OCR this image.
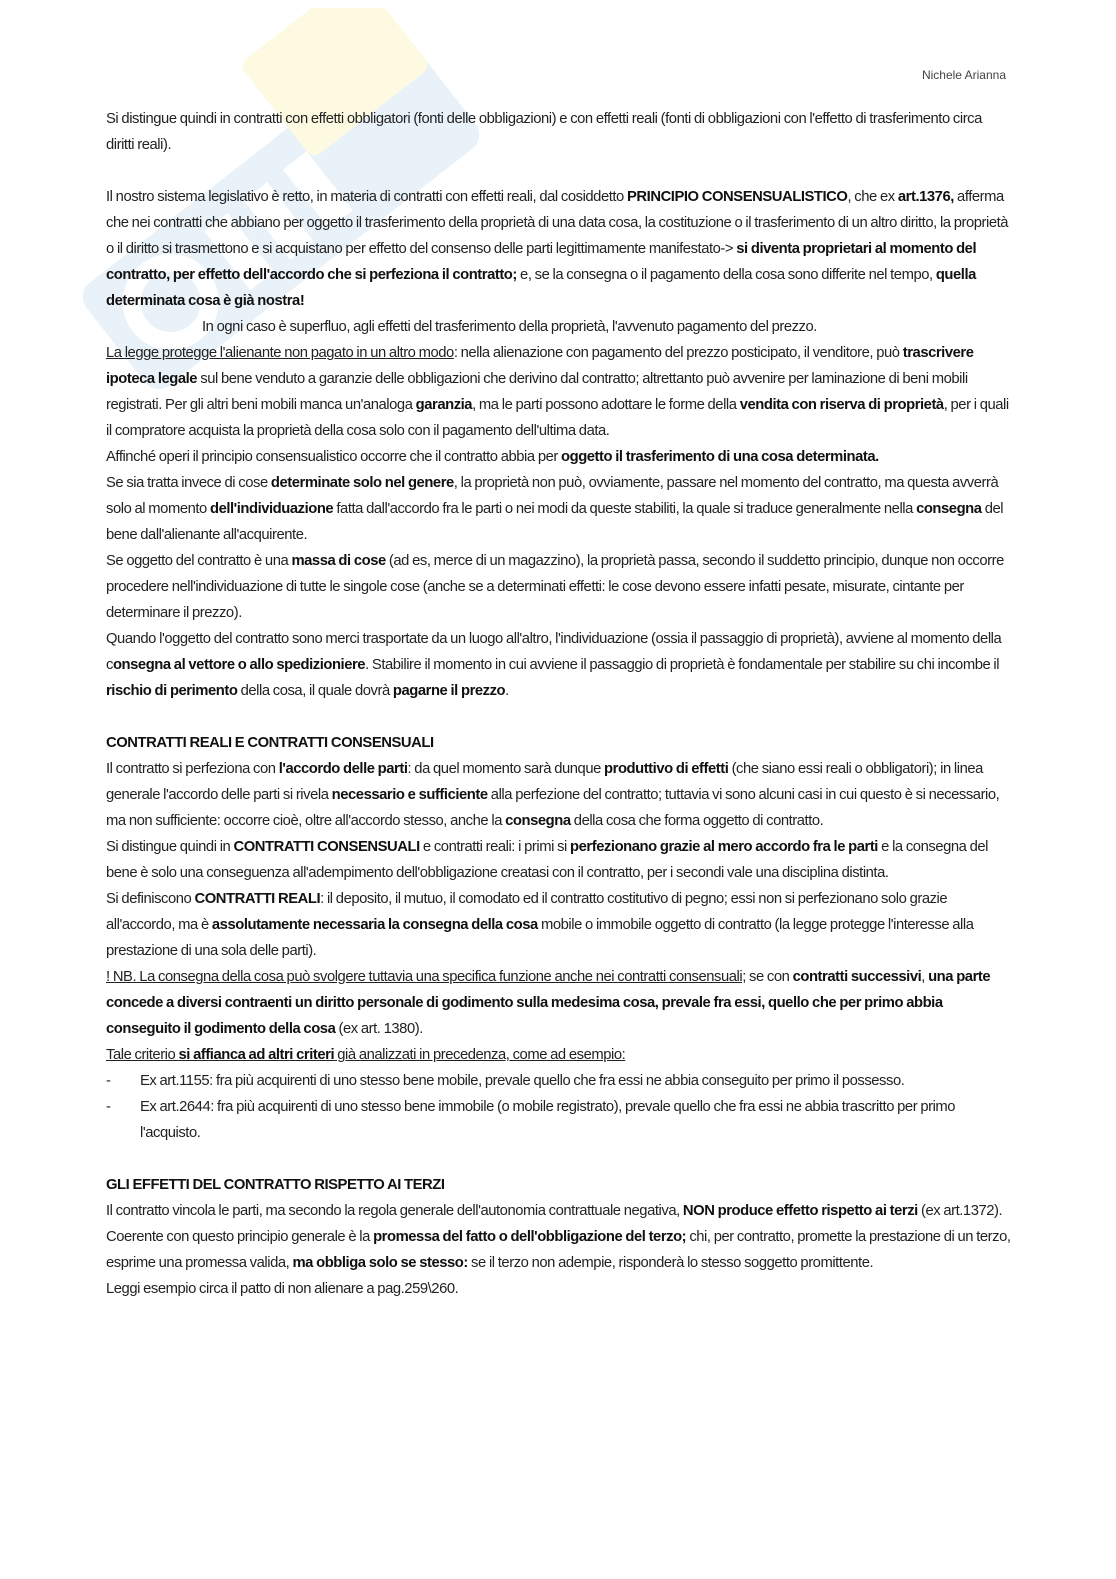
Nichele Arianna

Si distingue quindi in contratti con effetti obbligatori (fonti delle obbligazioni) e con effetti reali (fonti di obbligazioni con l'effetto di trasferimento circa diritti reali).

Il nostro sistema legislativo è retto, in materia di contratti con effetti reali, dal cosiddetto PRINCIPIO CONSENSUALISTICO, che ex art.1376, afferma che nei contratti che abbiano per oggetto il trasferimento della proprietà di una data cosa, la costituzione o il trasferimento di un altro diritto, la proprietà o il diritto si trasmettono e si acquistano per effetto del consenso delle parti legittimamente manifestato-> si diventa proprietari al momento del contratto, per effetto dell'accordo che si perfeziona il contratto; e, se la consegna o il pagamento della cosa sono differite nel tempo, quella determinata cosa è già nostra!

In ogni caso è superfluo, agli effetti del trasferimento della proprietà, l'avvenuto pagamento del prezzo.

La legge protegge l'alienante non pagato in un altro modo: nella alienazione con pagamento del prezzo posticipato, il venditore, può trascrivere ipoteca legale sul bene venduto a garanzie delle obbligazioni che derivino dal contratto; altrettanto può avvenire per laminazione di beni mobili registrati. Per gli altri beni mobili manca un'analoga garanzia, ma le parti possono adottare le forme della vendita con riserva di proprietà, per i quali il compratore acquista la proprietà della cosa solo con il pagamento dell'ultima data.

Affinché operi il principio consensualistico occorre che il contratto abbia per oggetto il trasferimento di una cosa determinata.

Se sia tratta invece di cose determinate solo nel genere, la proprietà non può, ovviamente, passare nel momento del contratto, ma questa avverrà solo al momento dell'individuazione fatta dall'accordo fra le parti o nei modi da queste stabiliti, la quale si traduce generalmente nella consegna del bene dall'alienante all'acquirente.

Se oggetto del contratto è una massa di cose (ad es, merce di un magazzino), la proprietà passa, secondo il suddetto principio, dunque non occorre procedere nell'individuazione di tutte le singole cose (anche se a determinati effetti: le cose devono essere infatti pesate, misurate, cintante per determinare il prezzo).

Quando l'oggetto del contratto sono merci trasportate da un luogo all'altro, l'individuazione (ossia il passaggio di proprietà), avviene al momento della consegna al vettore o allo spedizioniere. Stabilire il momento in cui avviene il passaggio di proprietà è fondamentale per stabilire su chi incombe il rischio di perimento della cosa, il quale dovrà pagarne il prezzo.

CONTRATTI REALI E CONTRATTI CONSENSUALI

Il contratto si perfeziona con l'accordo delle parti: da quel momento sarà dunque produttivo di effetti (che siano essi reali o obbligatori); in linea generale l'accordo delle parti si rivela necessario e sufficiente alla perfezione del contratto; tuttavia vi sono alcuni casi in cui questo è si necessario, ma non sufficiente: occorre cioè, oltre all'accordo stesso, anche la consegna della cosa che forma oggetto di contratto.

Si distingue quindi in CONTRATTI CONSENSUALI e contratti reali: i primi si perfezionano grazie al mero accordo fra le parti e la consegna del bene è solo una conseguenza all'adempimento dell'obbligazione creatasi con il contratto, per i secondi vale una disciplina distinta.

Si definiscono CONTRATTI REALI: il deposito, il mutuo, il comodato ed il contratto costitutivo di pegno; essi non si perfezionano solo grazie all'accordo, ma è assolutamente necessaria la consegna della cosa mobile o immobile oggetto di contratto (la legge protegge l'interesse alla prestazione di una sola delle parti).

! NB. La consegna della cosa può svolgere tuttavia una specifica funzione anche nei contratti consensuali; se con contratti successivi, una parte concede a diversi contraenti un diritto personale di godimento sulla medesima cosa, prevale fra essi, quello che per primo abbia conseguito il godimento della cosa (ex art. 1380).

Tale criterio si affianca ad altri criteri già analizzati in precedenza, come ad esempio:

- Ex art.1155: fra più acquirenti di uno stesso bene mobile, prevale quello che fra essi ne abbia conseguito per primo il possesso.

- Ex art.2644: fra più acquirenti di uno stesso bene immobile (o mobile registrato), prevale quello che fra essi ne abbia trascritto per primo l'acquisto.

GLI EFFETTI DEL CONTRATTO RISPETTO AI TERZI

Il contratto vincola le parti, ma secondo la regola generale dell'autonomia contrattuale negativa, NON produce effetto rispetto ai terzi (ex art.1372). Coerente con questo principio generale è la promessa del fatto o dell'obbligazione del terzo; chi, per contratto, promette la prestazione di un terzo, esprime una promessa valida, ma obbliga solo se stesso: se il terzo non adempie, risponderà lo stesso soggetto promittente.

Leggi esempio circa il patto di non alienare a pag.259\260.
